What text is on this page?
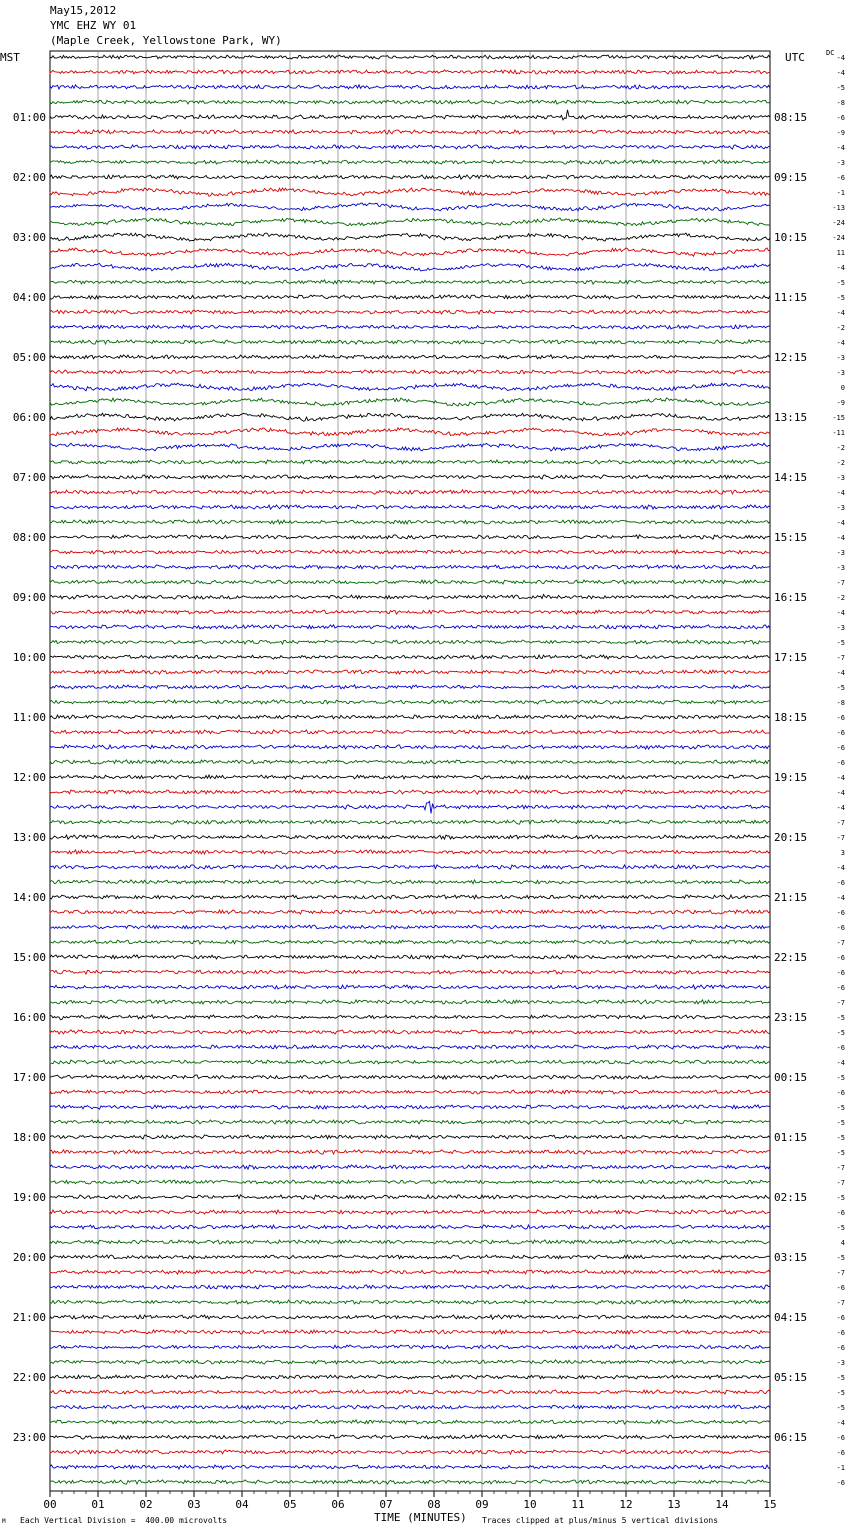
01:00
02:00
03:00
04:00
05:00
06:00
07:00
08:00
09:00
10:00
11:00
12:00
13:00
14:00
15:00
16:00
17:00
18:00
19:00
20:00
21:00
22:00
23:00
08:15
09:15
10:15
11:15
12:15
13:15
14:15
15:15
16:15
17:15
18:15
19:15
20:15
21:15
22:15
23:15
00:15
01:15
02:15
03:15
04:15
05:15
06:15
-4
-4
-5
-8
-6
-9
-4
-3
-6
-1
-13
-24
-24
11
-4
-5
-5
-4
-2
-4
-3
-3
0
-9
-15
-11
-2
-2
-3
-4
-3
-4
-4
-3
-3
-7
-2
-4
-3
-5
-7
-4
-5
-8
-6
-6
-6
-6
-4
-4
-4
-7
-7
3
-4
-6
-4
-6
-6
-7
-6
-6
-6
-7
-5
-5
-6
-4
-5
-6
-5
-5
-5
-5
-7
-7
-5
-6
-5
4
-5
-7
-6
-7
-6
-6
-6
-3
-5
-5
-5
-4
-6
-6
-1
-6
00	01	02	03	04	05	06	07	08	09	10	11	12	13	14	15
May15,2012
YMC EHZ WY 01
(Maple Creek, Yellowstone Park, WY)
MST	UTC	DC
TIME (MINUTES)
Each Vertical Division =  400.00 microvolts	Traces clipped at plus/minus 5 vertical divisions
M
